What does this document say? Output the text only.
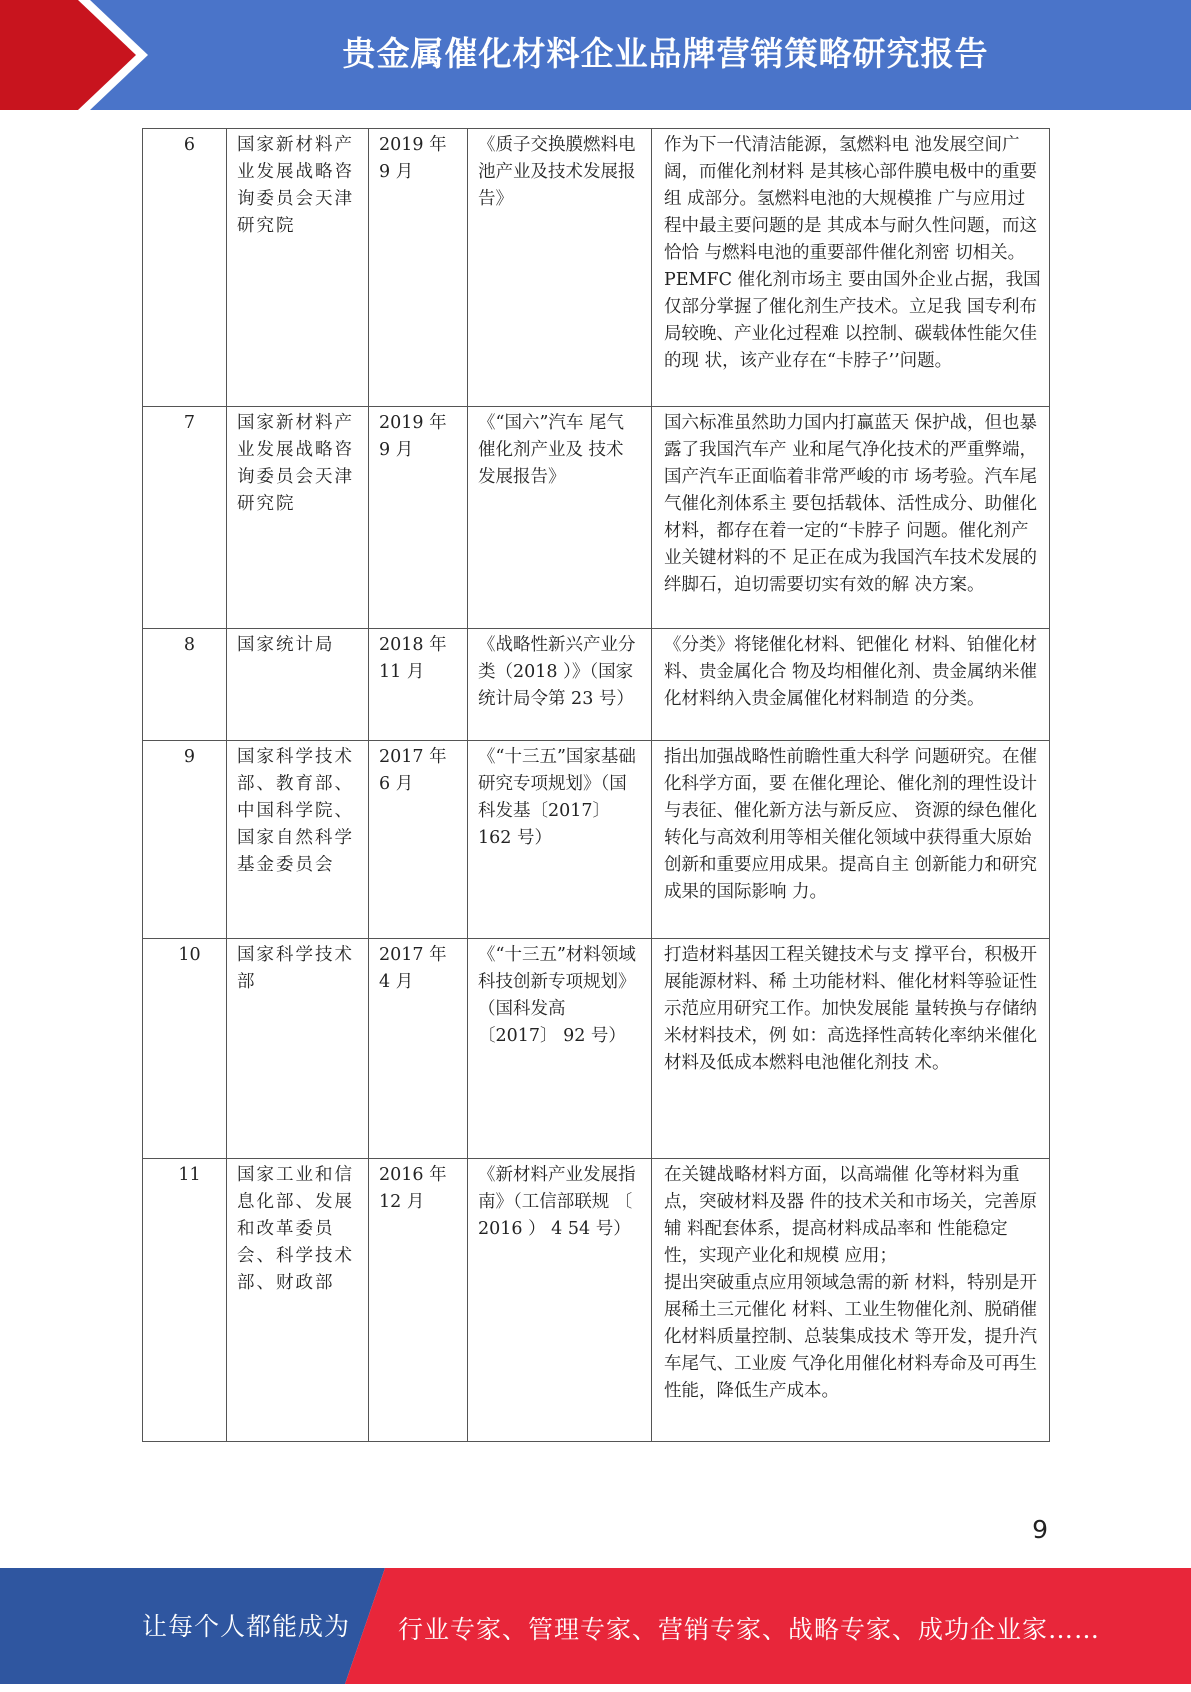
贵金属催化材料企业品牌营销策略研究报告
6	国家新材料产业发展战略咨询委员会天津研究院	2019 年 9 月	《质子交换膜燃料电池产业及技术发展报告》	作为下一代清洁能源，氢燃料电 池发展空间广阔，而催化剂材料 是其核心部件膜电极中的重要组 成部分。氢燃料电池的大规模推 广与应用过程中最主要问题的是 其成本与耐久性问题，而这恰恰 与燃料电池的重要部件催化剂密 切相关。PEMFC 催化剂市场主 要由国外企业占据，我国仅部分掌握了催化剂生产技术。立足我 国专利布局较晚、产业化过程难 以控制、碳载体性能欠佳的现 状，该产业存在“卡脖子’’问题。
7	国家新材料产业发展战略咨询委员会天津研究院	2019 年 9 月	《“国六”汽车 尾气催化剂产业及 技术发展报告》	国六标准虽然助力国内打赢蓝天 保护战，但也暴露了我国汽车产 业和尾气净化技术的严重弊端， 国产汽车正面临着非常严峻的市 场考验。汽车尾气催化剂体系主 要包括载体、活性成分、助催化 材料，都存在着一定的“卡脖子 问题。催化剂产业关键材料的不 足正在成为我国汽车技术发展的绊脚石，迫切需要切实有效的解 决方案。
8	国家统计局	2018 年 11 月	《战略性新兴产业分类（2018 ）》（国家统计局令第 23 号）	《分类》将铑催化材料、钯催化 材料、铂催化材料、贵金属化合 物及均相催化剂、贵金属纳米催化材料纳入贵金属催化材料制造 的分类。
9	国家科学技术部、教育部、中国科学院、国家自然科学基金委员会	2017 年 6 月	《“十三五”国家基础研究专项规划》（国科发基〔2017〕162 号）	指出加强战略性前瞻性重大科学 问题研究。在催化科学方面，要 在催化理论、催化剂的理性设计 与表征、催化新方法与新反应、 资源的绿色催化转化与高效利用等相关催化领域中获得重大原始 创新和重要应用成果。提高自主 创新能力和研究成果的国际影响 力。
10	国家科学技术部	2017 年 4 月	《“十三五”材料领域科技创新专项规划》（国科发高〔2017〕 92 号）	打造材料基因工程关键技术与支 撑平台，积极开展能源材料、稀 土功能材料、催化材料等验证性 示范应用研究工作。加快发展能 量转换与存储纳米材料技术，例 如：高选择性高转化率纳米催化 材料及低成本燃料电池催化剂技 术。
11	国家工业和信息化部、发展和改革委员会、科学技术部、财政部	2016 年 12 月	《新材料产业发展指南》（工信部联规 〔 2016 ） 4 54 号）	在关键战略材料方面，以高端催 化等材料为重点，突破材料及器 件的技术关和市场关，完善原辅 料配套体系，提高材料成品率和 性能稳定性，实现产业化和规模 应用；
提出突破重点应用领域急需的新 材料，特别是开展稀土三元催化 材料、工业生物催化剂、脱硝催 化材料质量控制、总装集成技术 等开发，提升汽车尾气、工业废 气净化用催化材料寿命及可再生 性能，降低生产成本。
9
让每个人都能成为 行业专家、管理专家、营销专家、战略专家、成功企业家……
